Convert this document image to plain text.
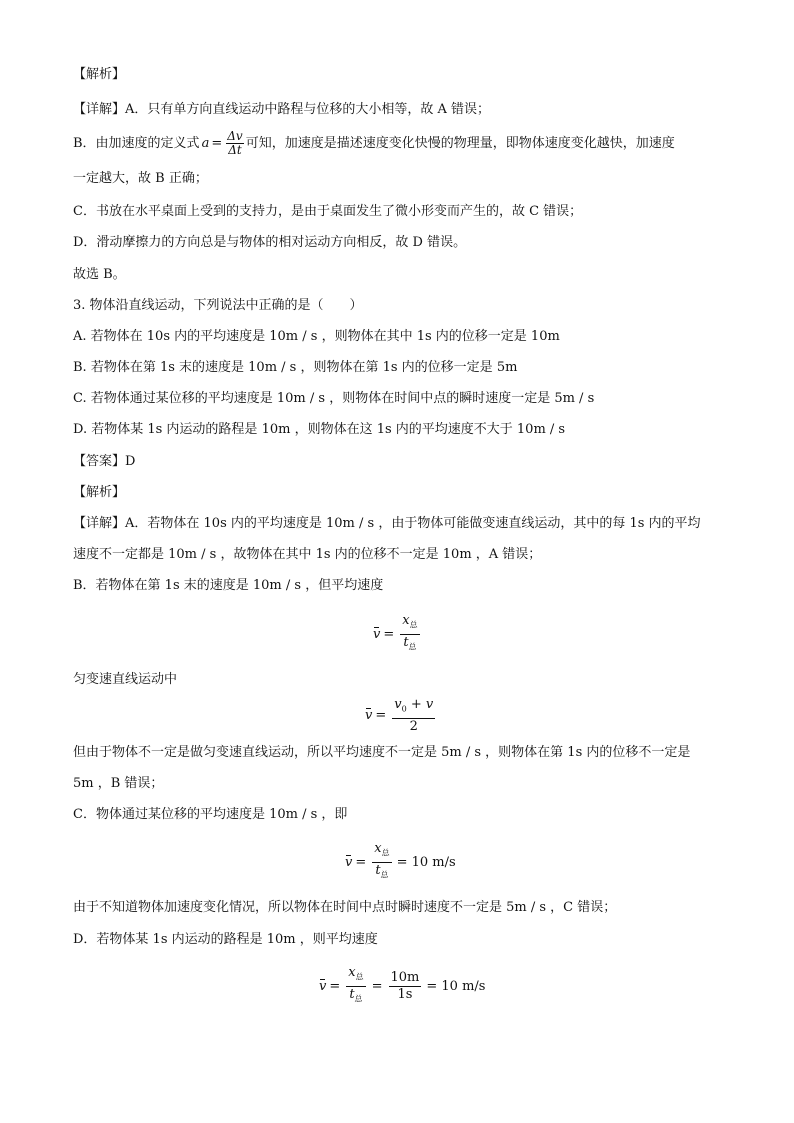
【解析】
【详解】A．只有单方向直线运动中路程与位移的大小相等，故 A 错误；
B．由加速度的定义式 $a = \frac{\Delta v}{\Delta t}$ 可知，加速度是描述速度变化快慢的物理量，即物体速度变化越快，加速度
一定越大，故 B 正确；
C．书放在水平桌面上受到的支持力，是由于桌面发生了微小形变而产生的，故 C 错误；
D．滑动摩擦力的方向总是与物体的相对运动方向相反，故 D 错误。
故选 B。
3. 物体沿直线运动，下列说法中正确的是（　　）
A. 若物体在 10s 内的平均速度是 10m / s ，则物体在其中 1s 内的位移一定是 10m
B. 若物体在第 1s 末的速度是 10m / s ，则物体在第 1s 内的位移一定是 5m
C. 若物体通过某位移的平均速度是 10m / s ，则物体在时间中点的瞬时速度一定是 5m / s
D. 若物体某 1s 内运动的路程是 10m ，则物体在这 1s 内的平均速度不大于 10m / s
【答案】D
【解析】
【详解】A．若物体在 10s 内的平均速度是 10m / s ，由于物体可能做变速直线运动，其中的每 1s 内的平均
速度不一定都是 10m / s ，故物体在其中 1s 内的位移不一定是 10m ，A 错误；
B．若物体在第 1s 末的速度是 10m / s ，但平均速度
$v = \frac{x_总}{t_总}$
匀变速直线运动中
$v = \frac{v_0 + v}{2}$
但由于物体不一定是做匀变速直线运动，所以平均速度不一定是 5m / s ，则物体在第 1s 内的位移不一定是
5m ，B 错误；
C．物体通过某位移的平均速度是 10m / s ，即
$v = \frac{x_总}{t_总} = 10$ m/s
由于不知道物体加速度变化情况，所以物体在时间中点时瞬时速度不一定是 5m / s ，C 错误；
D．若物体某 1s 内运动的路程是 10m ，则平均速度
$v = \frac{x_总}{t_总} = \frac{10m}{1s} = 10$ m/s
